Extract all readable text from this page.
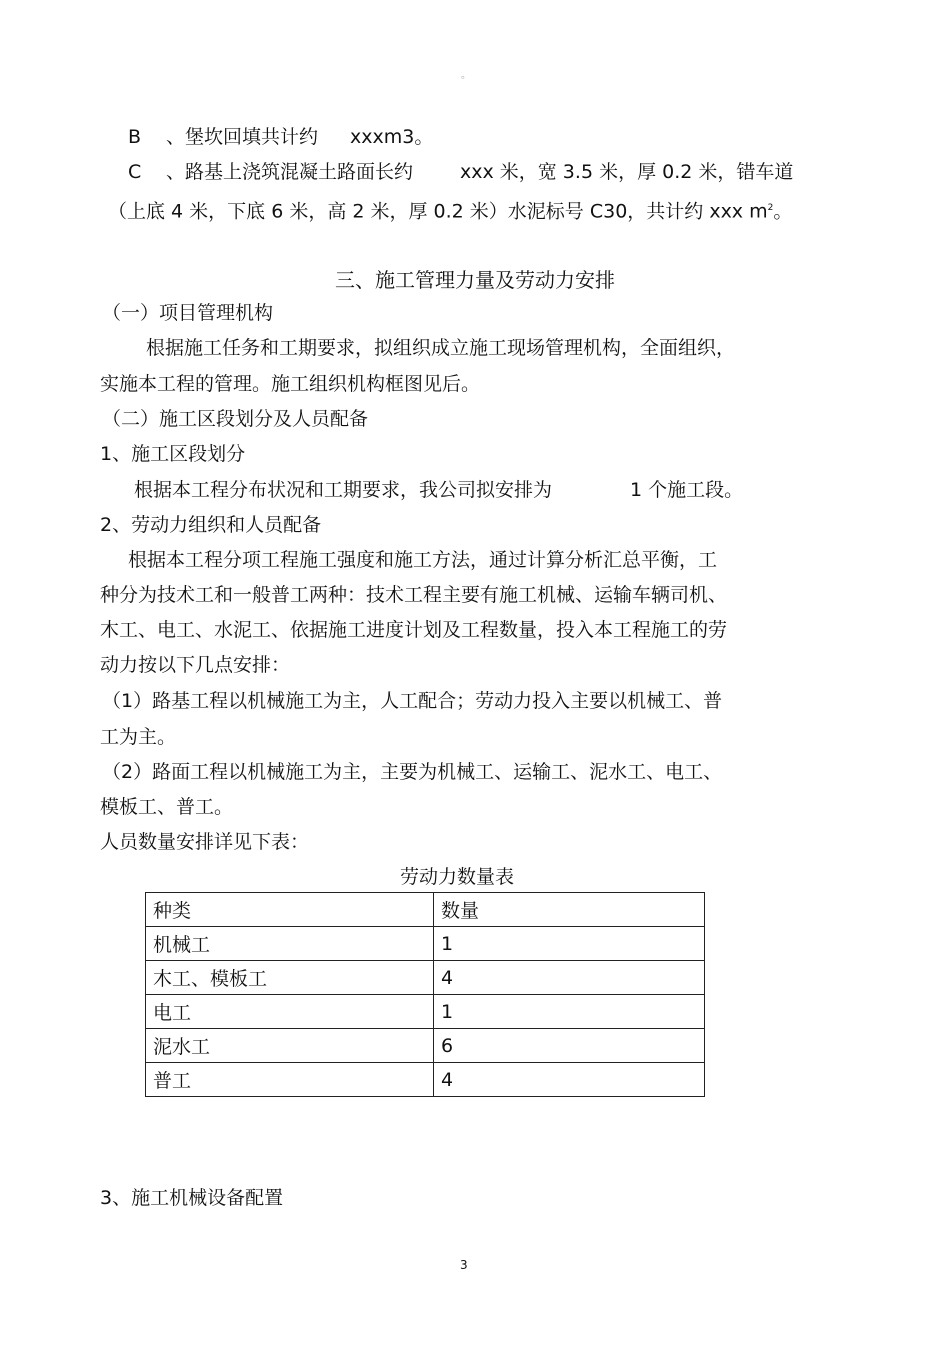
。
B 、堡坎回填共计约 xxxm3。
C 、路基上浇筑混凝土路面长约 xxx 米，宽 3.5 米，厚 0.2 米，错车道
（上底 4 米，下底 6 米，高 2 米，厚 0.2 米）水泥标号 C30，共计约 xxx $m^2$。
三、施工管理力量及劳动力安排
（一）项目管理机构
根据施工任务和工期要求，拟组织成立施工现场管理机构，全面组织，
实施本工程的管理。施工组织机构框图见后。
（二）施工区段划分及人员配备
1、施工区段划分
根据本工程分布状况和工期要求，我公司拟安排为	1 个施工段。
2、劳动力组织和人员配备
根据本工程分项工程施工强度和施工方法，通过计算分析汇总平衡，工
种分为技术工和一般普工两种：技术工程主要有施工机械、运输车辆司机、
木工、电工、水泥工、依据施工进度计划及工程数量，投入本工程施工的劳
动力按以下几点安排：
（1）路基工程以机械施工为主，人工配合；劳动力投入主要以机械工、普
工为主。
（2）路面工程以机械施工为主，主要为机械工、运输工、泥水工、电工、
模板工、普工。
人员数量安排详见下表：
劳动力数量表
种类	数量
机械工	1
木工、模板工	4
电工	1
泥水工	6
普工	4
3、施工机械设备配置
3
